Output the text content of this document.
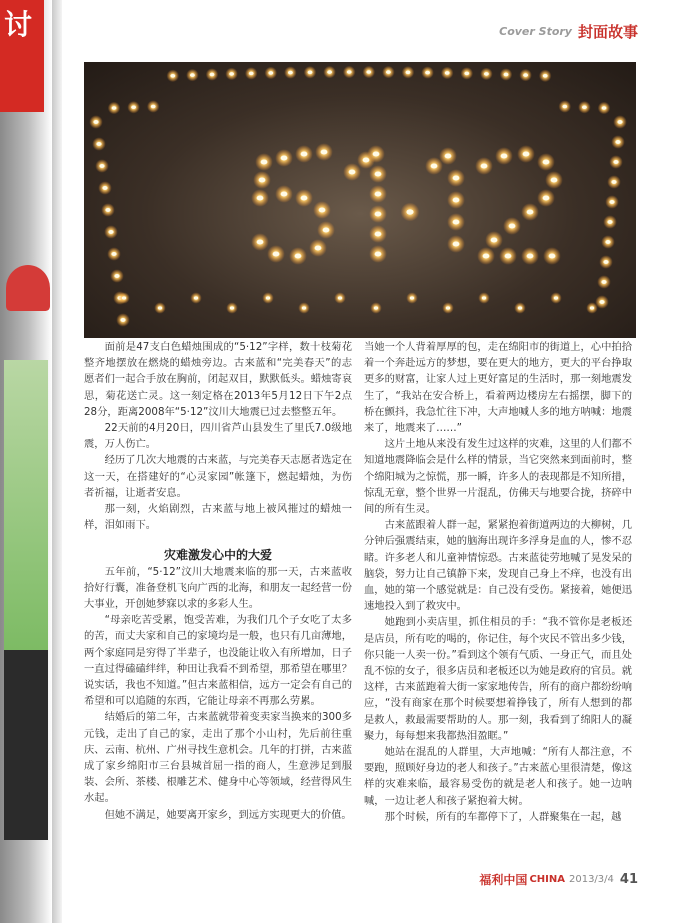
讨	Cover Story 封面故事

面前是47支白色蜡烛围成的“5·12”字样，数十枝菊花整齐地摆放在燃烧的蜡烛旁边。古来蓝和“完美春天”的志愿者们一起合手放在胸前，闭起双目，默默低头。蜡烛寄哀思，菊花送亡灵。这一刻定格在2013年5月12日下午2点28分，距离2008年“5·12”汶川大地震已过去整整五年。

22天前的4月20日，四川省芦山县发生了里氏7.0级地震，万人伤亡。

经历了几次大地震的古来蓝，与完美春天志愿者选定在这一天，在搭建好的“心灵家园”帐篷下，燃起蜡烛，为伤者祈福，让逝者安息。

那一刻，火焰剧烈，古来蓝与地上被风摧过的蜡烛一样，泪如雨下。

灾难激发心中的大爱

五年前，“5·12”汶川大地震来临的那一天，古来蓝收拾好行囊，准备登机飞向广西的北海，和朋友一起经营一份大事业，开创她梦寐以求的多彩人生。

“母亲吃苦受累，饱受苦难，为我们几个子女吃了太多的苦，而丈夫家和自己的家境均是一般，也只有几亩薄地，两个家庭同是穷得了半辈子，也没能让收入有所增加，日子一直过得磕磕绊绊，种田让我看不到希望，那希望在哪里？说实话，我也不知道。”但古来蓝相信，远方一定会有自己的希望和可以追随的东西，它能让母亲不再那么劳累。

结婚后的第二年，古来蓝就带着变卖家当换来的300多元钱，走出了自己的家，走出了那个小山村，先后前往重庆、云南、杭州、广州寻找生意机会。几年的打拼，古来蓝成了家乡绵阳市三台县城首屈一指的商人，生意涉足到服装、会所、茶楼、根雕艺术、健身中心等领域，经营得风生水起。

但她不满足，她要离开家乡，到远方实现更大的价值。

当她一个人背着厚厚的包，走在绵阳市的街道上，心中拍拾着一个奔赴远方的梦想，要在更大的地方，更大的平台挣取更多的财富，让家人过上更好富足的生活时，那一刻地震发生了，“我站在安合桥上，看着两边楼房左右摇摆，脚下的桥在颤抖，我急忙往下冲，大声地喊人多的地方呐喊：地震来了，地震来了……”

这片土地从来没有发生过这样的灾难，这里的人们都不知道地震降临会是什么样的情景，当它突然来到面前时，整个绵阳城为之惊慌，那一瞬，许多人的表现都是不知所措，惊乱无章，整个世界一片混乱，仿佛天与地要合拢，挤碎中间的所有生灵。

古来蓝跟着人群一起，紧紧抱着街道两边的大柳树，几分钟后强震结束，她的脑海出现许多浮身是血的人，惨不忍睹。许多老人和儿童神情惊恐。古来蓝徒劳地喊了晃发呆的脑袋，努力让自己镇静下来，发现自己身上不痒，也没有出血，她的第一个感觉就是：自己没有受伤。紧接着，她便迅速地投入到了救灾中。

她跑到小卖店里，抓住相员的手：“我不管你是老板还是店员，所有吃的喝的，你记住，每个灾民不管出多少钱，你只能一人卖一份。”看到这个领有气质、一身正气，而且处乱不惊的女子，很多店员和老板还以为她是政府的官员。就这样，古来蓝跑着大街一家家地传告，所有的商户都纷纷响应，“没有商家在那个时候要想着挣钱了，所有人想到的都是救人，救最需要帮助的人。那一刻，我看到了绵阳人的凝聚力，每每想来我都热泪盈眶。”

她站在混乱的人群里，大声地喊：“所有人都注意，不要跑，照顾好身边的老人和孩子。”古来蓝心里很清楚，像这样的灾难来临，最容易受伤的就是老人和孩子。她一边呐喊，一边让老人和孩子紧抱着大树。

那个时候，所有的车都停下了，人群聚集在一起，越

福利中国 CHINA 2013/3/4 41
